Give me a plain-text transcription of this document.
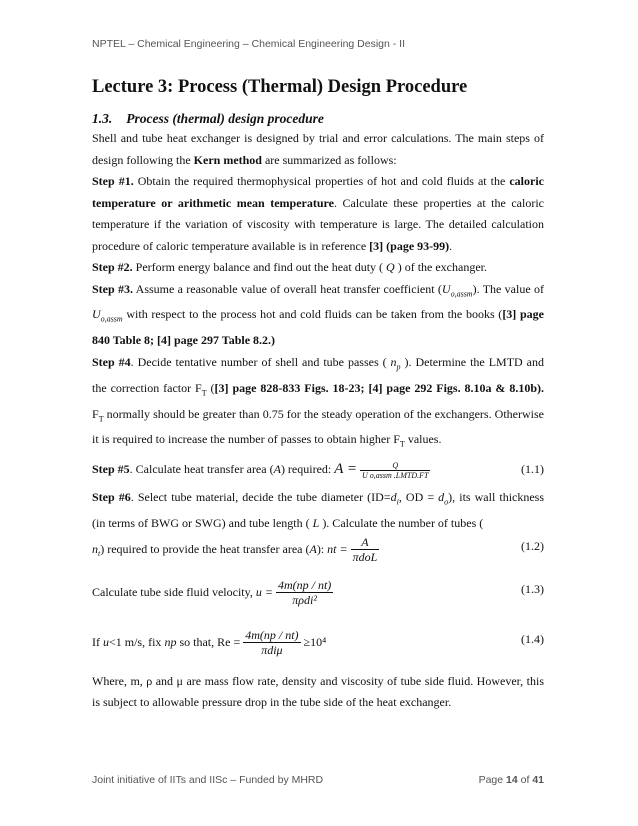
NPTEL – Chemical Engineering – Chemical Engineering Design - II
Lecture 3: Process (Thermal) Design Procedure
1.3. Process (thermal) design procedure

Shell and tube heat exchanger is designed by trial and error calculations. The main steps of design following the Kern method are summarized as follows:

Step #1. Obtain the required thermophysical properties of hot and cold fluids at the caloric temperature or arithmetic mean temperature. Calculate these properties at the caloric temperature if the variation of viscosity with temperature is large. The detailed calculation procedure of caloric temperature available is in reference [3] (page 93-99).

Step #2. Perform energy balance and find out the heat duty ( Q ) of the exchanger.

Step #3. Assume a reasonable value of overall heat transfer coefficient $(U_{o,assm})$. The value of $U_{o,assm}$ with respect to the process hot and cold fluids can be taken from the books ([3] page 840 Table 8; [4] page 297 Table 8.2.)

Step #4. Decide tentative number of shell and tube passes ( $n_p$ ). Determine the LMTD and the correction factor $F_T$ ([3] page 828-833 Figs. 18-23; [4] page 292 Figs. 8.10a & 8.10b). $F_T$ normally should be greater than 0.75 for the steady operation of the exchangers. Otherwise it is required to increase the number of passes to obtain higher $F_T$ values.

Step #5. Calculate heat transfer area (A) required: $A = \frac{Q}{\text{U o,assm .LMTD.FT}}$	(1.1)

Step #6. Select tube material, decide the tube diameter ($ID=d_i$, OD = $d_o$), its wall thickness (in terms of BWG or SWG) and tube length ( L ). Calculate the number of tubes (

$n_t$) required to provide the heat transfer area (A): nt = $\frac{A}{\text{πdoL}}$	(1.2)
Calculate tube side fluid velocity, $u = \frac{4m(np / nt)}{\text{πρdi²}}$	(1.3)
If u<1 m/s, fix np so that, $Re = \frac{4m(np / nt)}{\text{πdiμ}} \ge 10^4$	(1.4)

Where, m, ρ and μ are mass flow rate, density and viscosity of tube side fluid. However, this is subject to allowable pressure drop in the tube side of the heat exchanger.

Joint initiative of IITs and IISc – Funded by MHRD	Page 14 of 41
